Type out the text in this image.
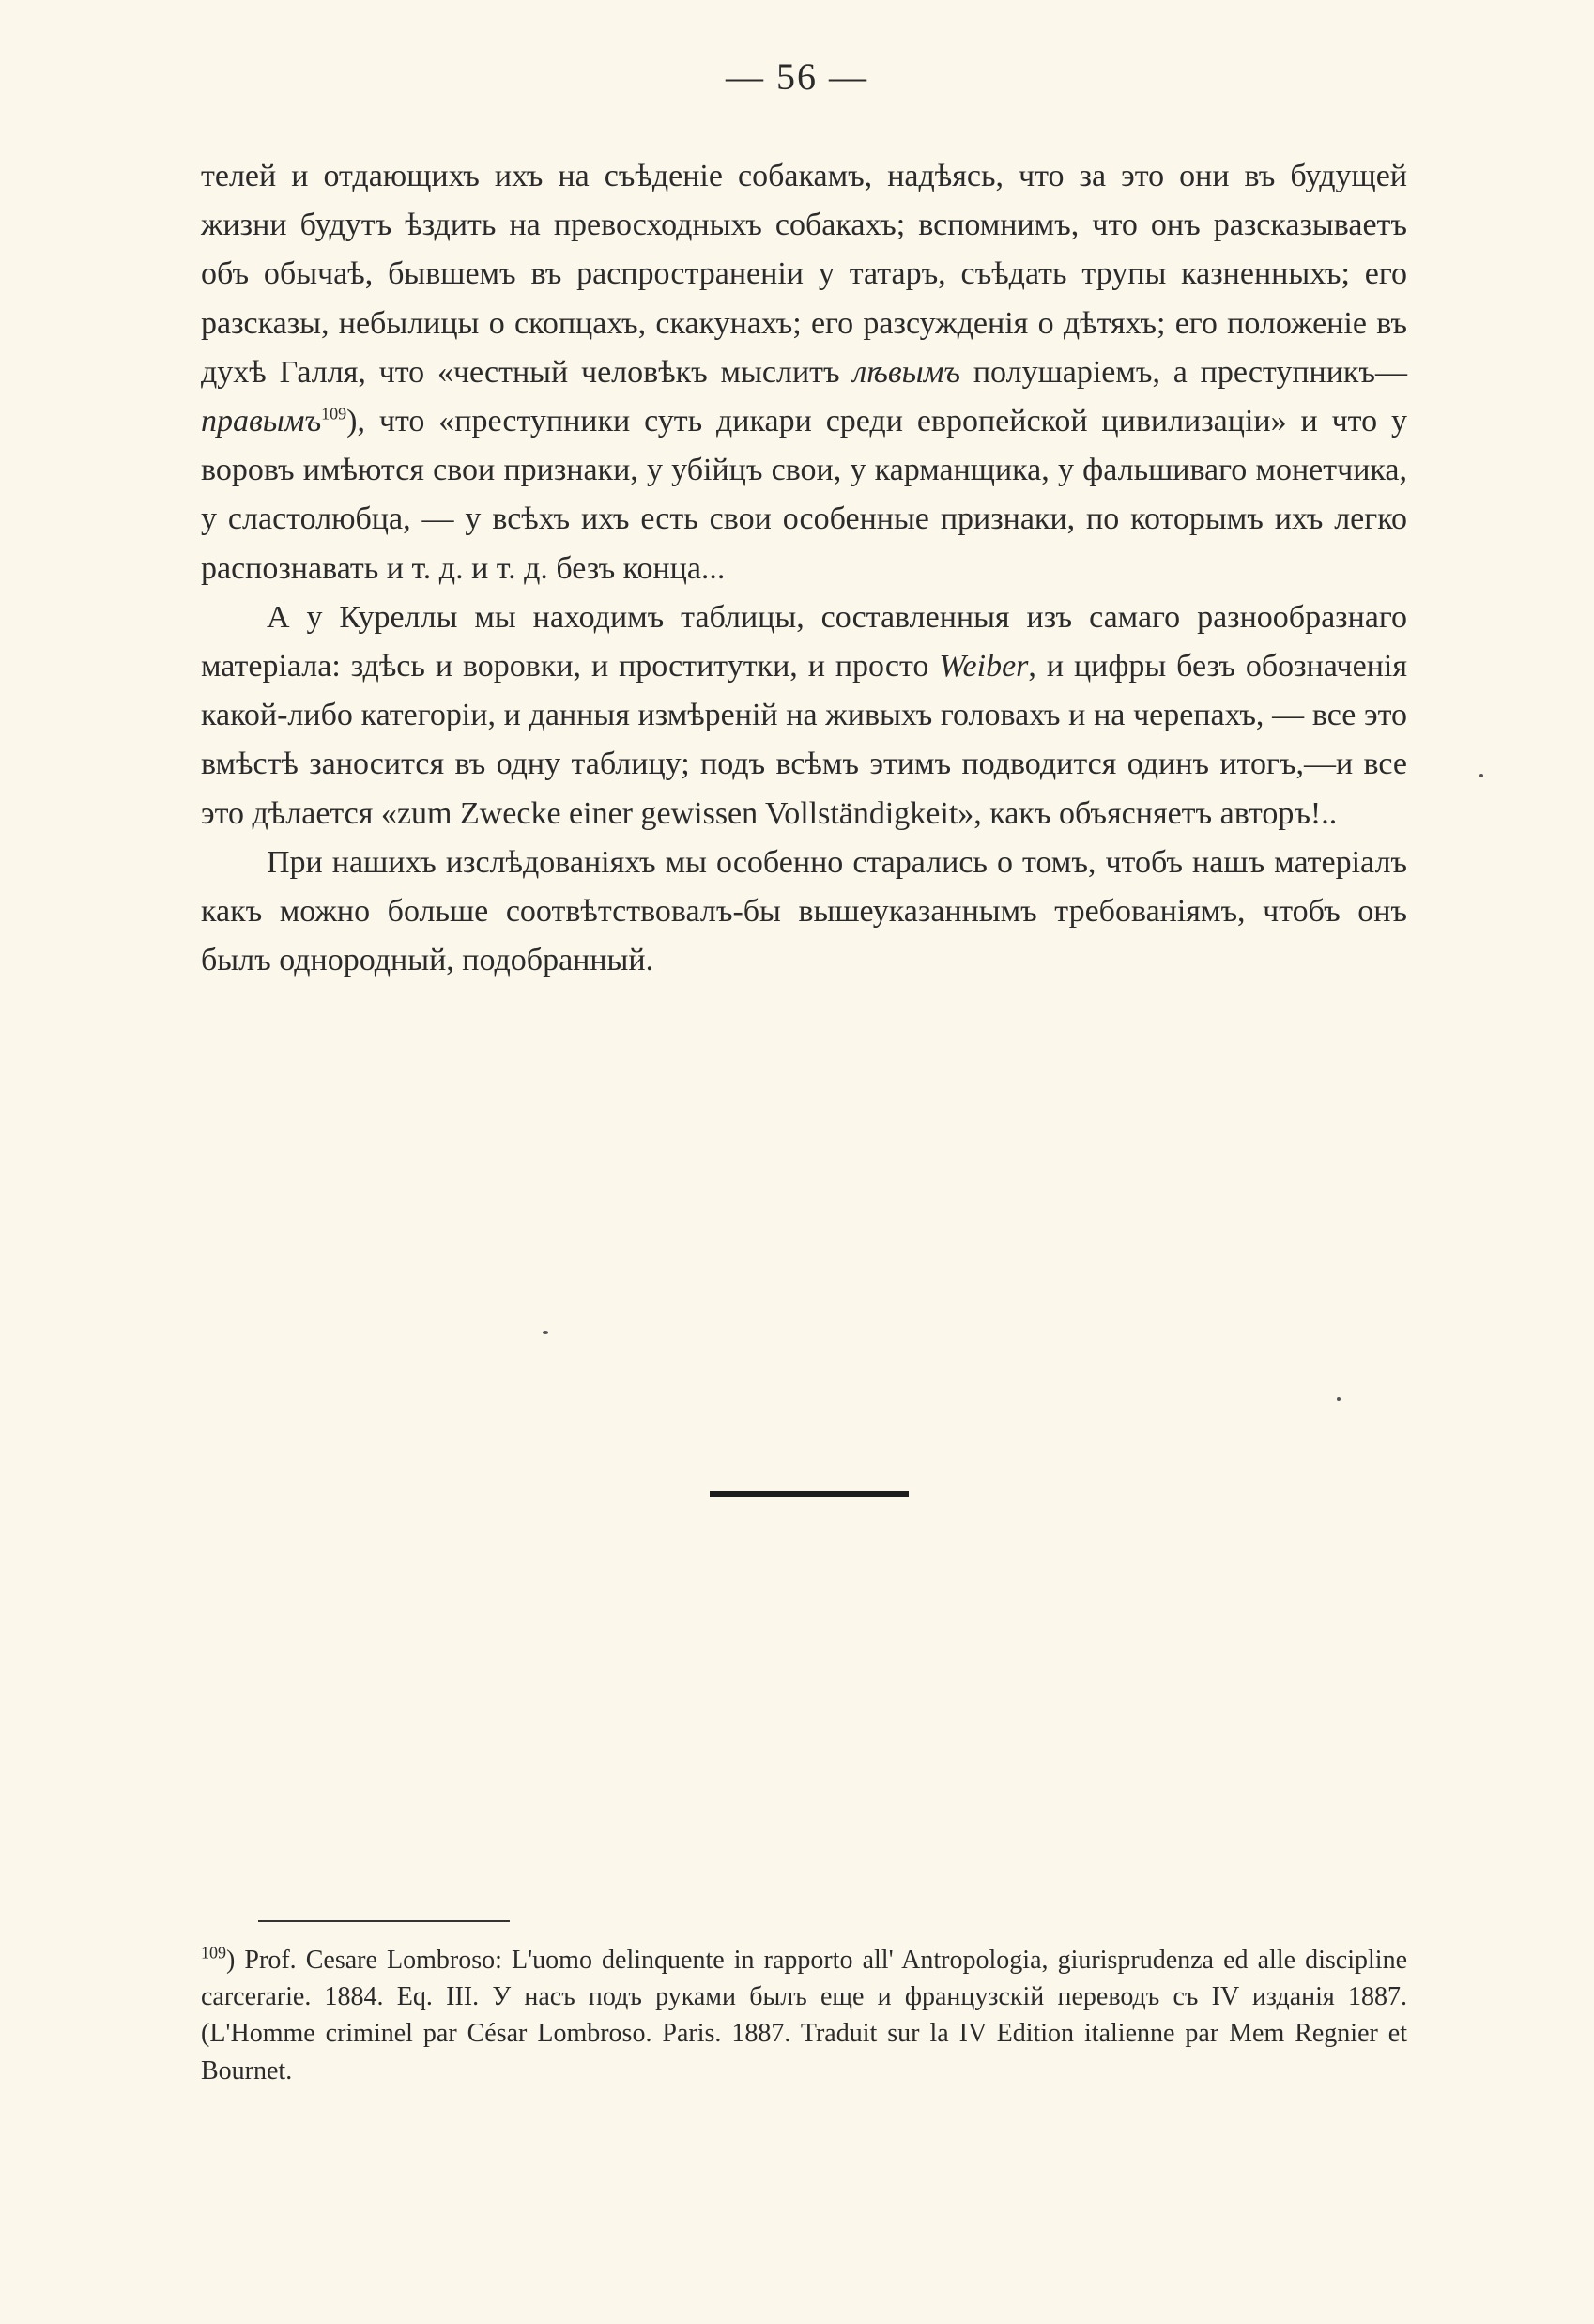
— 56 —

телей и отдающихъ ихъ на съѣденіе собакамъ, надѣясь, что за это они въ будущей жизни будутъ ѣздить на превосходныхъ собакахъ; вспомнимъ, что онъ разсказываетъ объ обычаѣ, бывшемъ въ распространеніи у татаръ, съѣдать трупы казненныхъ; его разсказы, небылицы о скопцахъ, скакунахъ; его разсужденія о дѣтяхъ; его положеніе въ духѣ Галля, что «честный человѣкъ мыслитъ лѣвымъ полушаріемъ, а преступникъ—правымъ$^{109}$), что «преступники суть дикари среди европейской цивилизаціи» и что у воровъ имѣются свои признаки, у убійцъ свои, у карманщика, у фальшиваго монетчика, у сластолюбца, — у всѣхъ ихъ есть свои особенные признаки, по которымъ ихъ легко распознавать и т. д. и т. д. безъ конца...

А у Куреллы мы находимъ таблицы, составленныя изъ самаго разнообразнаго матеріала: здѣсь и воровки, и проститутки, и просто Weiber, и цифры безъ обозначенія какой-либо категоріи, и данныя измѣреній на живыхъ головахъ и на черепахъ, — все это вмѣстѣ заносится въ одну таблицу; подъ всѣмъ этимъ подводится одинъ итогъ,—и все это дѣлается «zum Zwecke einer gewissen Vollständigkeit», какъ объясняетъ авторъ!..

При нашихъ изслѣдованіяхъ мы особенно старались о томъ, чтобъ нашъ матеріалъ какъ можно больше соотвѣтствовалъ-бы вышеуказаннымъ требованіямъ, чтобъ онъ былъ однородный, подобранный.

$^{109}$) Prof. Cesare Lombroso: L'uomo delinquente in rapporto all' Antropologia, giurisprudenza ed alle discipline carcerarie. 1884. Eq. III. У насъ подъ руками былъ еще и французскій переводъ съ IV изданія 1887. (L'Homme criminel par César Lombroso. Paris. 1887. Traduit sur la IV Edition italienne par Mem Regnier et Bournet.
